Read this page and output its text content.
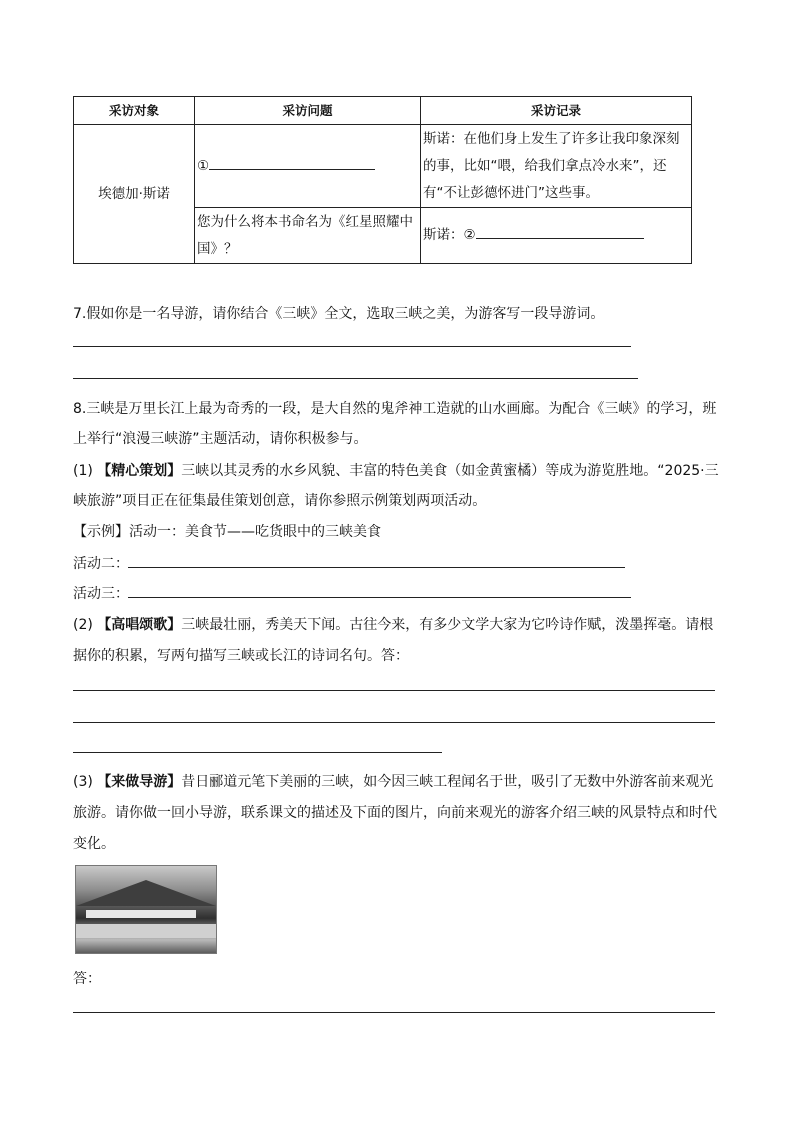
采访对象	采访问题	采访记录
埃德加·斯诺	①	斯诺：在他们身上发生了许多让我印象深刻
的事，比如“喂，给我们拿点冷水来”，还
有“不让彭德怀进门”这些事。

	您为什么将本书命名为《红星照耀中
国》？	斯诺：②
7.假如你是一名导游，请你结合《三峡》全文，选取三峡之美，为游客写一段导游词。
8.三峡是万里长江上最为奇秀的一段，是大自然的鬼斧神工造就的山水画廊。为配合《三峡》的学习，班
上举行“浪漫三峡游”主题活动，请你积极参与。
(1) 【精心策划】三峡以其灵秀的水乡风貌、丰富的特色美食（如金黄蜜橘）等成为游览胜地。“2025·三
峡旅游”项目正在征集最佳策划创意，请你参照示例策划两项活动。
【示例】活动一：美食节——吃货眼中的三峡美食
活动二：
活动三：
(2) 【高唱颂歌】三峡最壮丽，秀美天下闻。古往今来，有多少文学大家为它吟诗作赋，泼墨挥毫。请根
据你的积累，写两句描写三峡或长江的诗词名句。答：
(3) 【来做导游】昔日郦道元笔下美丽的三峡，如今因三峡工程闻名于世，吸引了无数中外游客前来观光
旅游。请你做一回小导游，联系课文的描述及下面的图片，向前来观光的游客介绍三峡的风景特点和时代
变化。
答：
